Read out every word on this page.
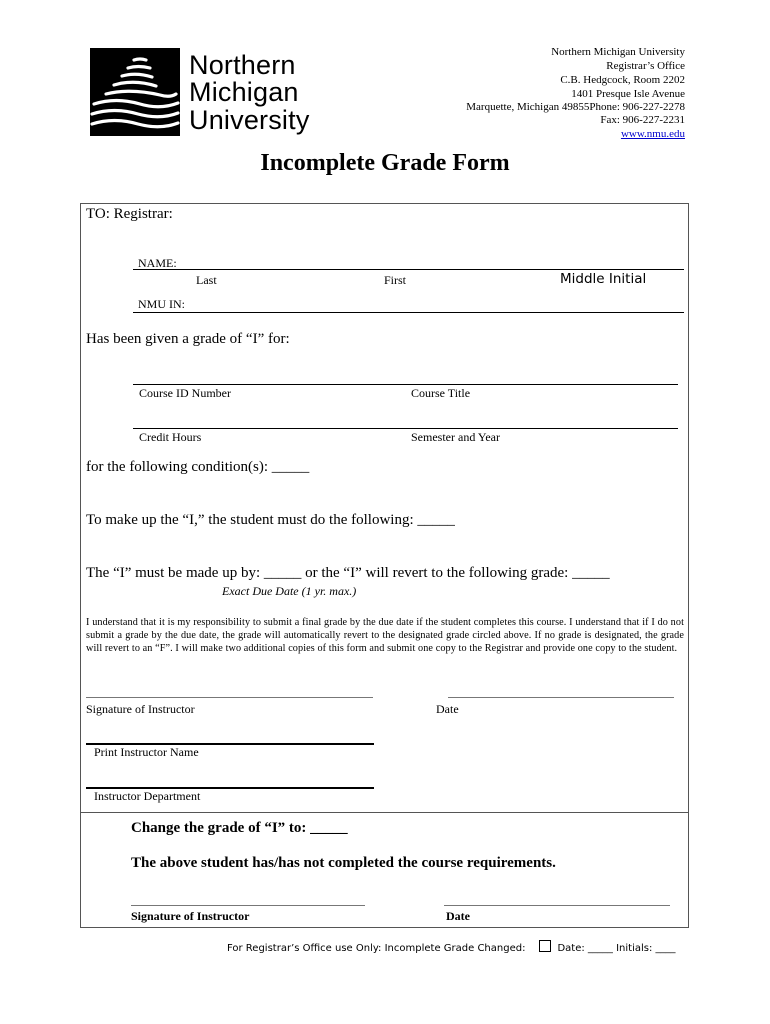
Northern
Michigan
University
Northern Michigan University
Registrar’s Office
C.B. Hedgcock, Room 2202
1401 Presque Isle Avenue
Marquette, Michigan 49855Phone: 906-227-2278
Fax: 906-227-2231
www.nmu.edu
Incomplete Grade Form
TO: Registrar:
NAME:
Last	First	Middle Initial
NMU IN:
Has been given a grade of “I” for:
Course ID Number	Course Title
Credit Hours	Semester and Year
for the following condition(s): _____
To make up the “I,” the student must do the following: _____
The “I” must be made up by: _____ or the “I” will revert to the following grade: _____
Exact Due Date (1 yr. max.)
I understand that it is my responsibility to submit a final grade by the due date if the student completes this course. I understand that if I do not submit a grade by the due date, the grade will automatically revert to the designated grade circled above. If no grade is designated, the grade will revert to an “F”. I will make two additional copies of this form and submit one copy to the Registrar and provide one copy to the student.
Signature of Instructor	Date
Print Instructor Name
Instructor Department
Change the grade of “I” to: _____
The above student has/has not completed the course requirements.
Signature of Instructor	Date
For Registrar’s Office use Only: Incomplete Grade Changed:	Date: _____ Initials: ____
